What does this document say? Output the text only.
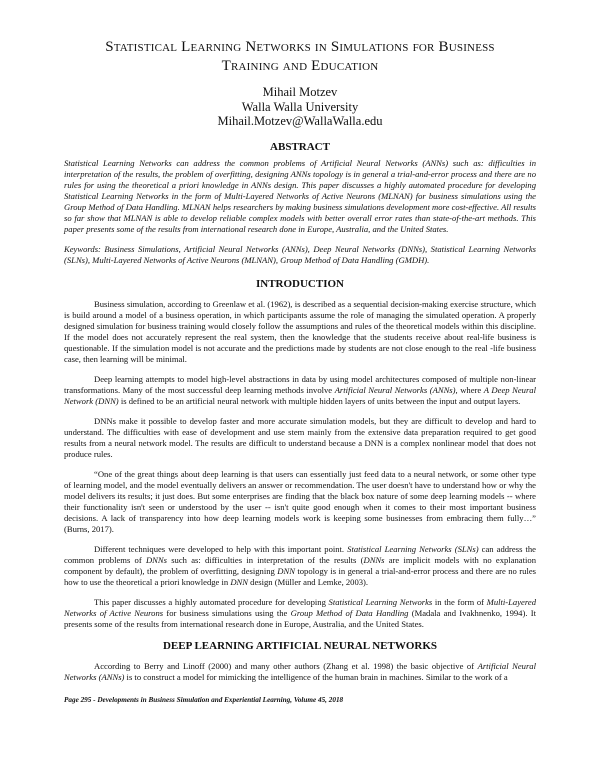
Statistical Learning Networks in Simulations for Business
Training and Education
Mihail Motzev
Walla Walla University
Mihail.Motzev@WallaWalla.edu
ABSTRACT

Statistical Learning Networks can address the common problems of Artificial Neural Networks (ANNs) such as: difficulties in interpretation of the results, the problem of overfitting, designing ANNs topology is in general a trial-and-error process and there are no rules for using the theoretical a priori knowledge in ANNs design. This paper discusses a highly automated procedure for developing Statistical Learning Networks in the form of Multi-Layered Networks of Active Neurons (MLNAN) for business simulations using the Group Method of Data Handling. MLNAN helps researchers by making business simulations development more cost-effective. All results so far show that MLNAN is able to develop reliable complex models with better overall error rates than state-of-the-art methods. This paper presents some of the results from international research done in Europe, Australia, and the United States.

Keywords: Business Simulations, Artificial Neural Networks (ANNs), Deep Neural Networks (DNNs), Statistical Learning Networks (SLNs), Multi-Layered Networks of Active Neurons (MLNAN), Group Method of Data Handling (GMDH).

INTRODUCTION

Business simulation, according to Greenlaw et al. (1962), is described as a sequential decision-making exercise structure, which is build around a model of a business operation, in which participants assume the role of managing the simulated operation. A properly designed simulation for business training would closely follow the assumptions and rules of the theoretical models within this discipline. If the model does not accurately represent the real system, then the knowledge that the students receive about real-life business is questionable. If the simulation model is not accurate and the predictions made by students are not close enough to the real -life business case, then learning will be minimal.

Deep learning attempts to model high-level abstractions in data by using model architectures composed of multiple non-linear transformations. Many of the most successful deep learning methods involve Artificial Neural Networks (ANNs), where A Deep Neural Network (DNN) is defined to be an artificial neural network with multiple hidden layers of units between the input and output layers.

DNNs make it possible to develop faster and more accurate simulation models, but they are difficult to develop and hard to understand. The difficulties with ease of development and use stem mainly from the extensive data preparation required to get good results from a neural network model. The results are difficult to understand because a DNN is a complex nonlinear model that does not produce rules.

“One of the great things about deep learning is that users can essentially just feed data to a neural network, or some other type of learning model, and the model eventually delivers an answer or recommendation. The user doesn't have to understand how or why the model delivers its results; it just does. But some enterprises are finding that the black box nature of some deep learning models -- where their functionality isn't seen or understood by the user -- isn't quite good enough when it comes to their most important business decisions. A lack of transparency into how deep learning models work is keeping some businesses from embracing them fully…” (Burns, 2017).

Different techniques were developed to help with this important point. Statistical Learning Networks (SLNs) can address the common problems of DNNs such as: difficulties in interpretation of the results (DNNs are implicit models with no explanation component by default), the problem of overfitting, designing DNN topology is in general a trial-and-error process and there are no rules how to use the theoretical a priori knowledge in DNN design (Müller and Lemke, 2003).

This paper discusses a highly automated procedure for developing Statistical Learning Networks in the form of Multi-Layered Networks of Active Neurons for business simulations using the Group Method of Data Handling (Madala and Ivakhnenko, 1994). It presents some of the results from international research done in Europe, Australia, and the United States.

DEEP LEARNING ARTIFICIAL NEURAL NETWORKS

According to Berry and Linoff (2000) and many other authors (Zhang et al. 1998) the basic objective of Artificial Neural Networks (ANNs) is to construct a model for mimicking the intelligence of the human brain in machines. Similar to the work of a

Page 295 - Developments in Business Simulation and Experiential Learning, Volume 45, 2018
